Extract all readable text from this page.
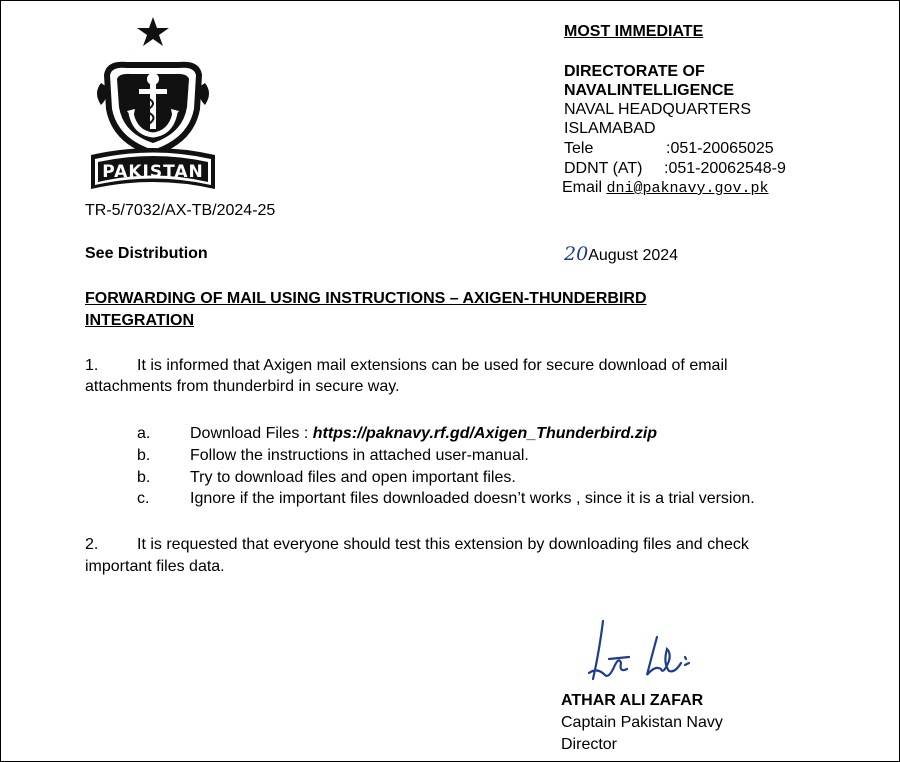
PAKISTAN
MOST IMMEDIATE
DIRECTORATE OF
NAVALINTELLIGENCE
NAVAL HEADQUARTERS
ISLAMABAD
Tele	:051-20065025
DDNT (AT) :051-20062548-9
Email dni@paknavy.gov.pk
TR-5/7032/AX-TB/2024-25
See Distribution	20August 2024
FORWARDING OF MAIL USING INSTRUCTIONS – AXIGEN-THUNDERBIRD
INTEGRATION
1. It is informed that Axigen mail extensions can be used for secure download of email
attachments from thunderbird in secure way.
a. Download Files : https://paknavy.rf.gd/Axigen_Thunderbird.zip
b. Follow the instructions in attached user-manual.
b. Try to download files and open important files.
c.	Ignore if the important files downloaded doesn’t works , since it is a trial version.
2. It is requested that everyone should test this extension by downloading files and check
important files data.
ATHAR ALI ZAFAR
Captain Pakistan Navy
Director
